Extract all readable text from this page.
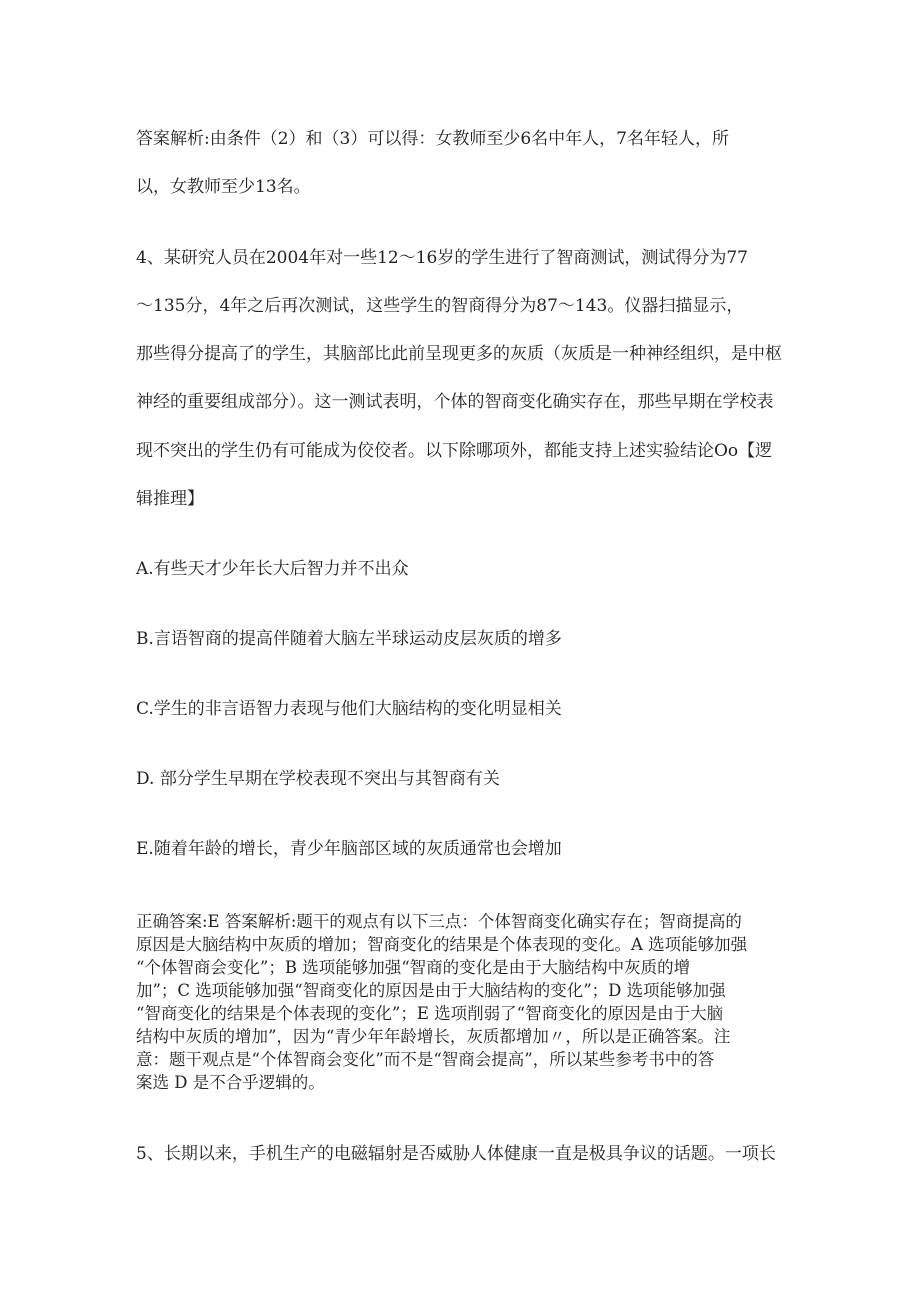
答案解析:由条件（2）和（3）可以得：女教师至少6名中年人，7名年轻人，所
以，女教师至少13名。
4、某研究人员在2004年对一些12～16岁的学生进行了智商测试，测试得分为77
～135分，4年之后再次测试，这些学生的智商得分为87～143。仪器扫描显示，
那些得分提高了的学生，其脑部比此前呈现更多的灰质（灰质是一种神经组织，是中枢
神经的重要组成部分）。这一测试表明，个体的智商变化确实存在，那些早期在学校表
现不突出的学生仍有可能成为佼佼者。以下除哪项外，都能支持上述实验结论Oo【逻
辑推理】
A.有些天才少年长大后智力并不出众
B.言语智商的提高伴随着大脑左半球运动皮层灰质的增多
C.学生的非言语智力表现与他们大脑结构的变化明显相关
D. 部分学生早期在学校表现不突出与其智商有关
E.随着年龄的增长，青少年脑部区域的灰质通常也会增加
正确答案:E 答案解析:题干的观点有以下三点：个体智商变化确实存在；智商提高的
原因是大脑结构中灰质的增加；智商变化的结果是个体表现的变化。A 选项能够加强
“个体智商会变化”；B 选项能够加强“智商的变化是由于大脑结构中灰质的增
加”；C 选项能够加强“智商变化的原因是由于大脑结构的变化”；D 选项能够加强
“智商变化的结果是个体表现的变化”；E 选项削弱了“智商变化的原因是由于大脑
结构中灰质的增加”，因为“青少年年龄增长，灰质都增加〃，所以是正确答案。注
意：题干观点是“个体智商会变化”而不是“智商会提高”，所以某些参考书中的答
案选 D 是不合乎逻辑的。
5、长期以来，手机生产的电磁辐射是否威胁人体健康一直是极具争议的话题。一项长
